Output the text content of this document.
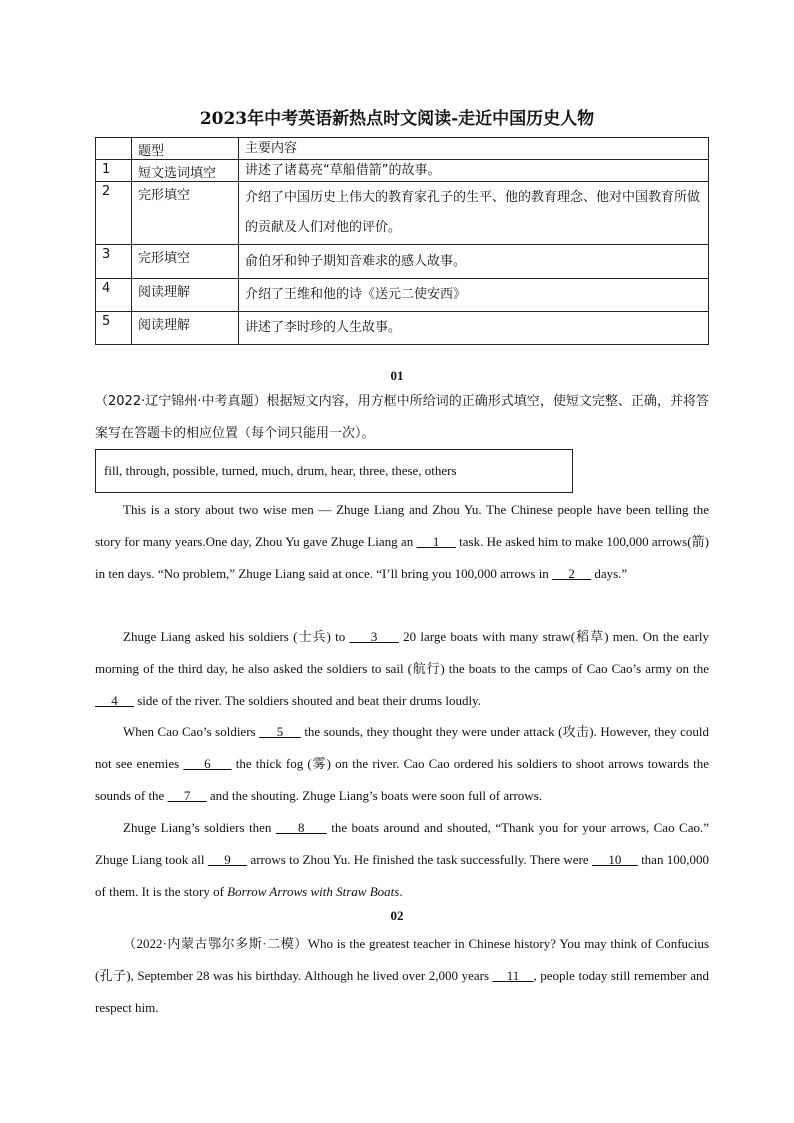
2023年中考英语新热点时文阅读-走近中国历史人物
	题型	主要内容
1	短文选词填空	讲述了诸葛亮“草船借箭”的故事。
2	完形填空	介绍了中国历史上伟大的教育家孔子的生平、他的教育理念、他对中国教育所做的贡献及人们对他的评价。
3	完形填空	俞伯牙和钟子期知音难求的感人故事。
4	阅读理解	介绍了王维和他的诗《送元二使安西》
5	阅读理解	讲述了李时珍的人生故事。
01

（2022·辽宁锦州·中考真题）根据短文内容，用方框中所给词的正确形式填空，使短文完整、正确，并将答案写在答题卡的相应位置（每个词只能用一次）。

fill, through, possible, turned, much, drum, hear, three, these, others

This is a story about two wise men — Zhuge Liang and Zhou Yu. The Chinese people have been telling the story for many years.One day, Zhou Yu gave Zhuge Liang an      1      task. He asked him to make 100,000 arrows(箭) in ten days. “No problem,” Zhuge Liang said at once. “I’ll bring you 100,000 arrows in      2      days.”

Zhuge Liang asked his soldiers (士兵) to      3      20 large boats with many straw(稻草) men. On the early morning of the third day, he also asked the soldiers to sail (航行) the boats to the camps of Cao Cao’s army on the      4      side of the river. The soldiers shouted and beat their drums loudly.

When Cao Cao’s soldiers      5      the sounds, they thought they were under attack (攻击). However, they could not see enemies      6      the thick fog (雾) on the river. Cao Cao ordered his soldiers to shoot arrows towards the sounds of the      7      and the shouting. Zhuge Liang’s boats were soon full of arrows.

Zhuge Liang’s soldiers then      8      the boats around and shouted, “Thank you for your arrows, Cao Cao.” Zhuge Liang took all      9      arrows to Zhou Yu. He finished the task successfully. There were      10      than 100,000 of them. It is the story of Borrow Arrows with Straw Boats.

02

（2022·内蒙古鄂尔多斯·二模）Who is the greatest teacher in Chinese history? You may think of Confucius (孔子), September 28 was his birthday. Although he lived over 2,000 years     11    , people today still remember and respect him.
